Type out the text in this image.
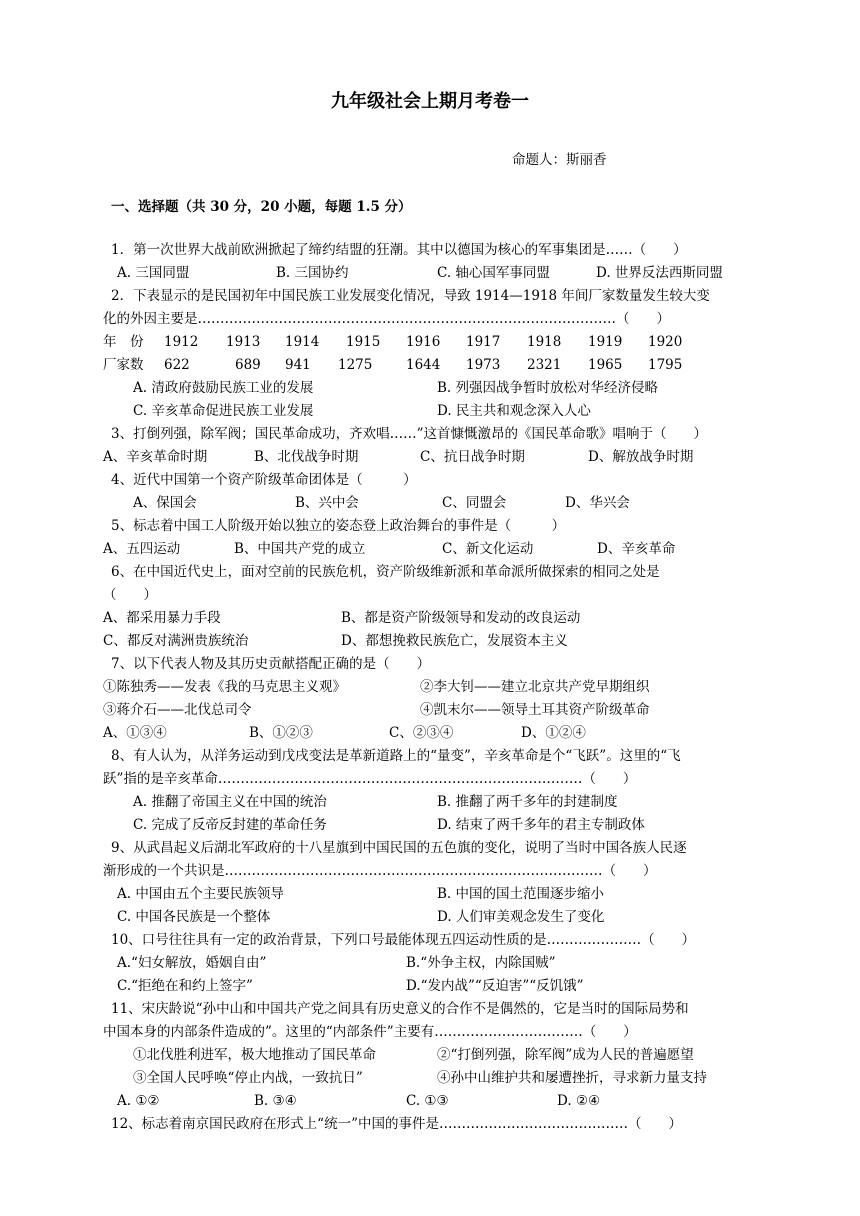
九年级社会上期月考卷一
命题人：斯丽香
一、选择题（共 30 分，20 小题，每题 1.5 分）
1．第一次世界大战前欧洲掀起了缔约结盟的狂潮。其中以德国为核心的军事集团是……（　　）
A. 三国同盟	B. 三国协约	C. 轴心国军事同盟	D. 世界反法西斯同盟
2．下表显示的是民国初年中国民族工业发展变化情况，导致 1914—1918 年间厂家数量发生较大变
化的外因主要是…………………………………………………………………………………（　　）
年　份 1912 1913 1914 1915 1916 1917 1918 1919 1920
厂家数 622	689 941 1275 1644 1973 2321 1965 1795
A. 清政府鼓励民族工业的发展	B. 列强因战争暂时放松对华经济侵略
C. 辛亥革命促进民族工业发展	D. 民主共和观念深入人心
3、打倒列强，除军阀；国民革命成功，齐欢唱……”这首慷慨激昂的《国民革命歌》唱响于（　　）
A、辛亥革命时期	B、北伐战争时期	C、抗日战争时期	D、解放战争时期
4、近代中国第一个资产阶级革命团体是（　　　）
A、保国会	B、兴中会	C、同盟会	D、华兴会
5、标志着中国工人阶级开始以独立的姿态登上政治舞台的事件是（　　　）
A、五四运动	B、中国共产党的成立	C、新文化运动	D、辛亥革命
6、在中国近代史上，面对空前的民族危机，资产阶级维新派和革命派所做探索的相同之处是
（　　）
A、都采用暴力手段	B、都是资产阶级领导和发动的改良运动
C、都反对满洲贵族统治	D、都想挽救民族危亡，发展资本主义
7、以下代表人物及其历史贡献搭配正确的是（　　）
①陈独秀——发表《我的马克思主义观》	②李大钊——建立北京共产党早期组织
③蒋介石——北伐总司令	④凯末尔——领导土耳其资产阶级革命
A、①③④	B、①②③	C、②③④	D、①②④
8、有人认为，从洋务运动到戊戌变法是革新道路上的“量变”，辛亥革命是个“飞跃”。这里的“飞
跃”指的是辛亥革命………………………………………………………………………（　　）
A. 推翻了帝国主义在中国的统治	B. 推翻了两千多年的封建制度
C. 完成了反帝反封建的革命任务	D. 结束了两千多年的君主专制政体
9、从武昌起义后湖北军政府的十八星旗到中国民国的五色旗的变化，说明了当时中国各族人民逐
渐形成的一个共识是…………………………………………………………………………（　　）
A. 中国由五个主要民族领导	B. 中国的国土范围逐步缩小
C. 中国各民族是一个整体	D. 人们审美观念发生了变化
10、口号往往具有一定的政治背景，下列口号最能体现五四运动性质的是…………………（　　）
A.“妇女解放，婚姻自由”	B.“外争主权，内除国贼”
C.“拒绝在和约上签字”	D.“发内战”“反迫害”“反饥饿”
11、宋庆龄说“孙中山和中国共产党之间具有历史意义的合作不是偶然的，它是当时的国际局势和
中国本身的内部条件造成的”。这里的“内部条件”主要有……………………………（　　）
①北伐胜利进军，极大地推动了国民革命	②“打倒列强，除军阀”成为人民的普遍愿望
③全国人民呼唤“停止内战，一致抗日”	④孙中山维护共和屡遭挫折，寻求新力量支持
A. ①②	B. ③④	C. ①③	D. ②④
12、标志着南京国民政府在形式上“统一”中国的事件是……………………………………（　　）
